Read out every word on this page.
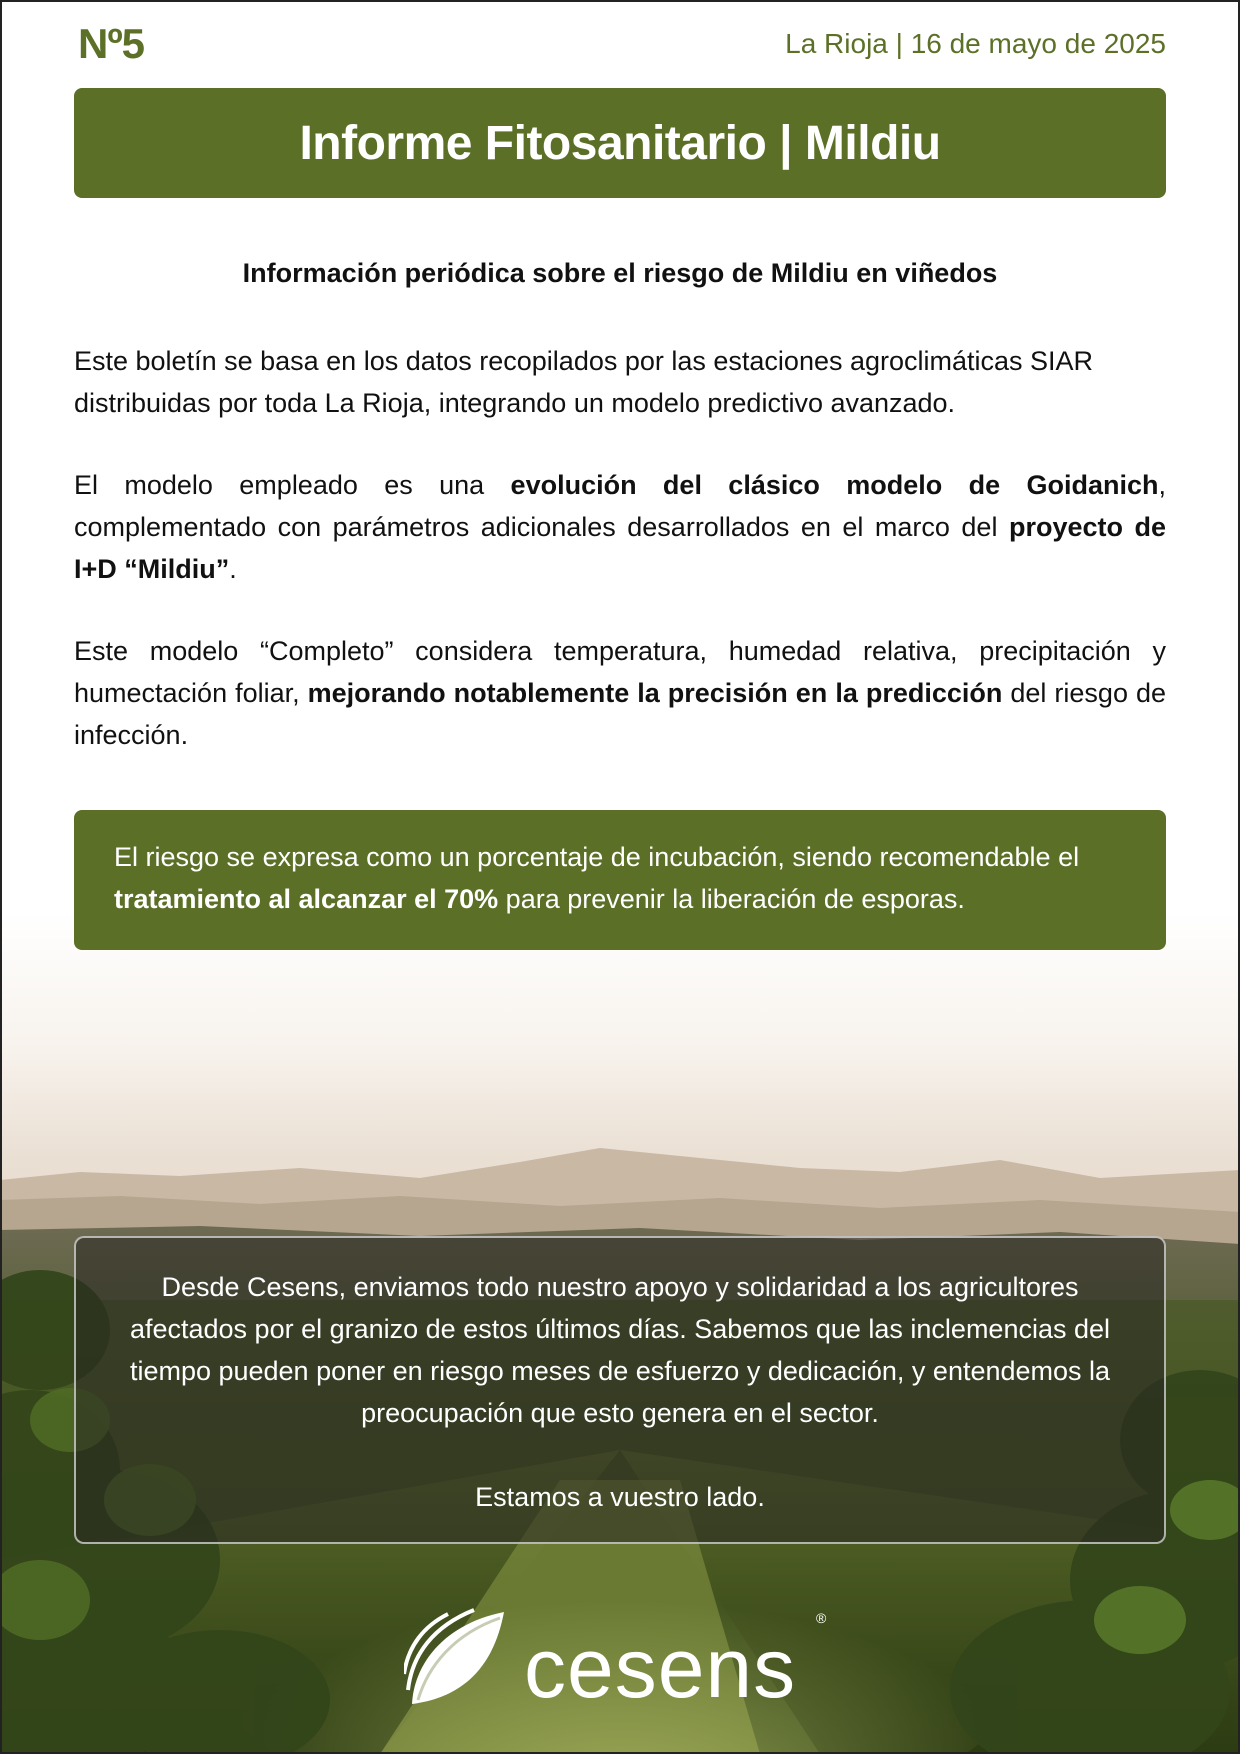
Nº5	La Rioja | 16 de mayo de 2025
Informe Fitosanitario | Mildiu
Información periódica sobre el riesgo de Mildiu en viñedos

Este boletín se basa en los datos recopilados por las estaciones agroclimáticas SIAR distribuidas por toda La Rioja, integrando un modelo predictivo avanzado.

El modelo empleado es una evolución del clásico modelo de Goidanich, complementado con parámetros adicionales desarrollados en el marco del proyecto de I+D “Mildiu”.

Este modelo “Completo” considera temperatura, humedad relativa, precipitación y humectación foliar, mejorando notablemente la precisión en la predicción del riesgo de infección.

El riesgo se expresa como un porcentaje de incubación, siendo recomendable el tratamiento al alcanzar el 70% para prevenir la liberación de esporas.
Desde Cesens, enviamos todo nuestro apoyo y solidaridad a los agricultores afectados por el granizo de estos últimos días. Sabemos que las inclemencias del tiempo pueden poner en riesgo meses de esfuerzo y dedicación, y entendemos la preocupación que esto genera en el sector.
Estamos a vuestro lado.
cesens
®
